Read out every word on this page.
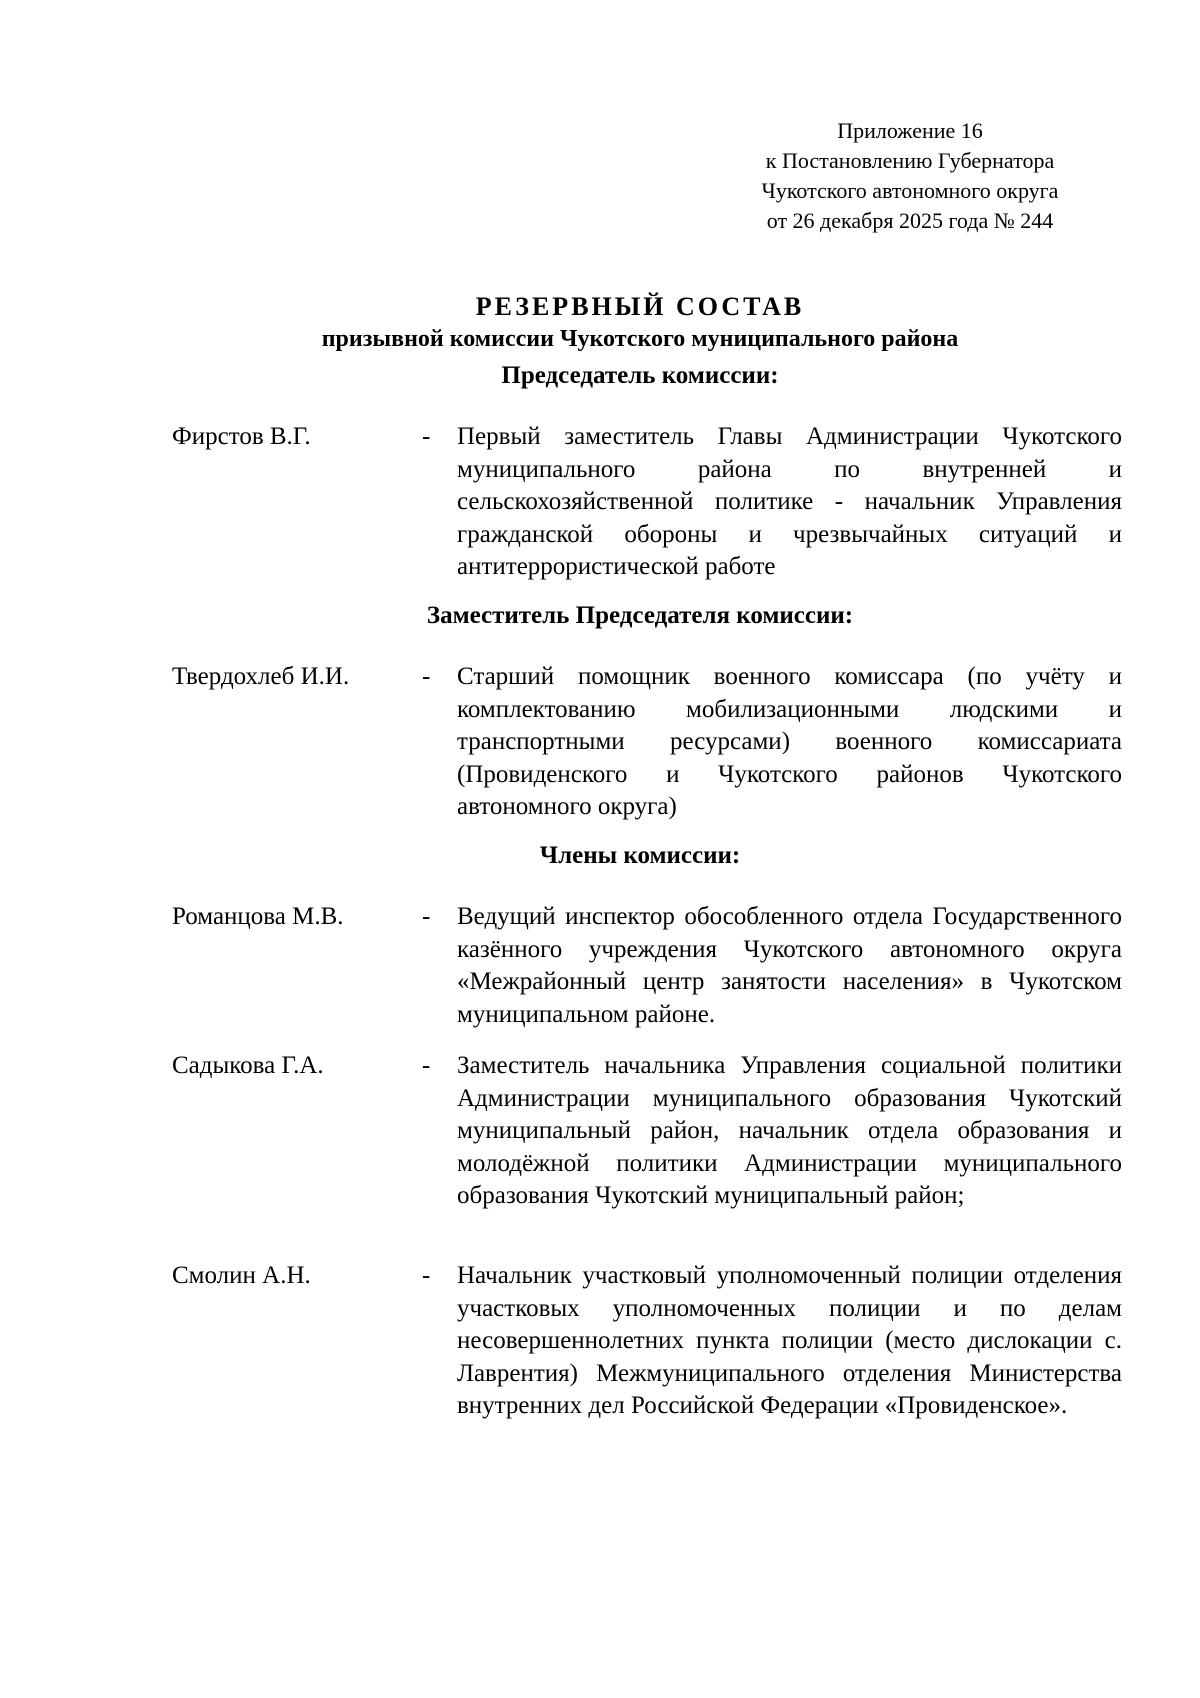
Приложение 16
к Постановлению Губернатора
Чукотского автономного округа
от 26 декабря 2025 года № 244
РЕЗЕРВНЫЙ СОСТАВ
призывной комиссии Чукотского муниципального района
Председатель комиссии:
Фирстов В.Г.	- Первый заместитель Главы Администрации Чукотского муниципального района по внутренней и сельскохозяйственной политике - начальник Управления гражданской обороны и чрезвычайных ситуаций и антитеррористической работе
Заместитель Председателя комиссии:
Твердохлеб И.И.	- Старший помощник военного комиссара (по учёту и комплектованию мобилизационными людскими и транспортными ресурсами) военного комиссариата (Провиденского и Чукотского районов Чукотского автономного округа)
Члены комиссии:
Романцова М.В.	- Ведущий инспектор обособленного отдела Государственного казённого учреждения Чукотского автономного округа «Межрайонный центр занятости населения» в Чукотском муниципальном районе.
Садыкова Г.А.	- Заместитель начальника Управления социальной политики Администрации муниципального образования Чукотский муниципальный район, начальник отдела образования и молодёжной политики Администрации муниципального образования Чукотский муниципальный район;
Смолин А.Н.	- Начальник участковый уполномоченный полиции отделения участковых уполномоченных полиции и по делам несовершеннолетних пункта полиции (место дислокации с. Лаврентия) Межмуниципального отделения Министерства внутренних дел Российской Федерации «Провиденское».
